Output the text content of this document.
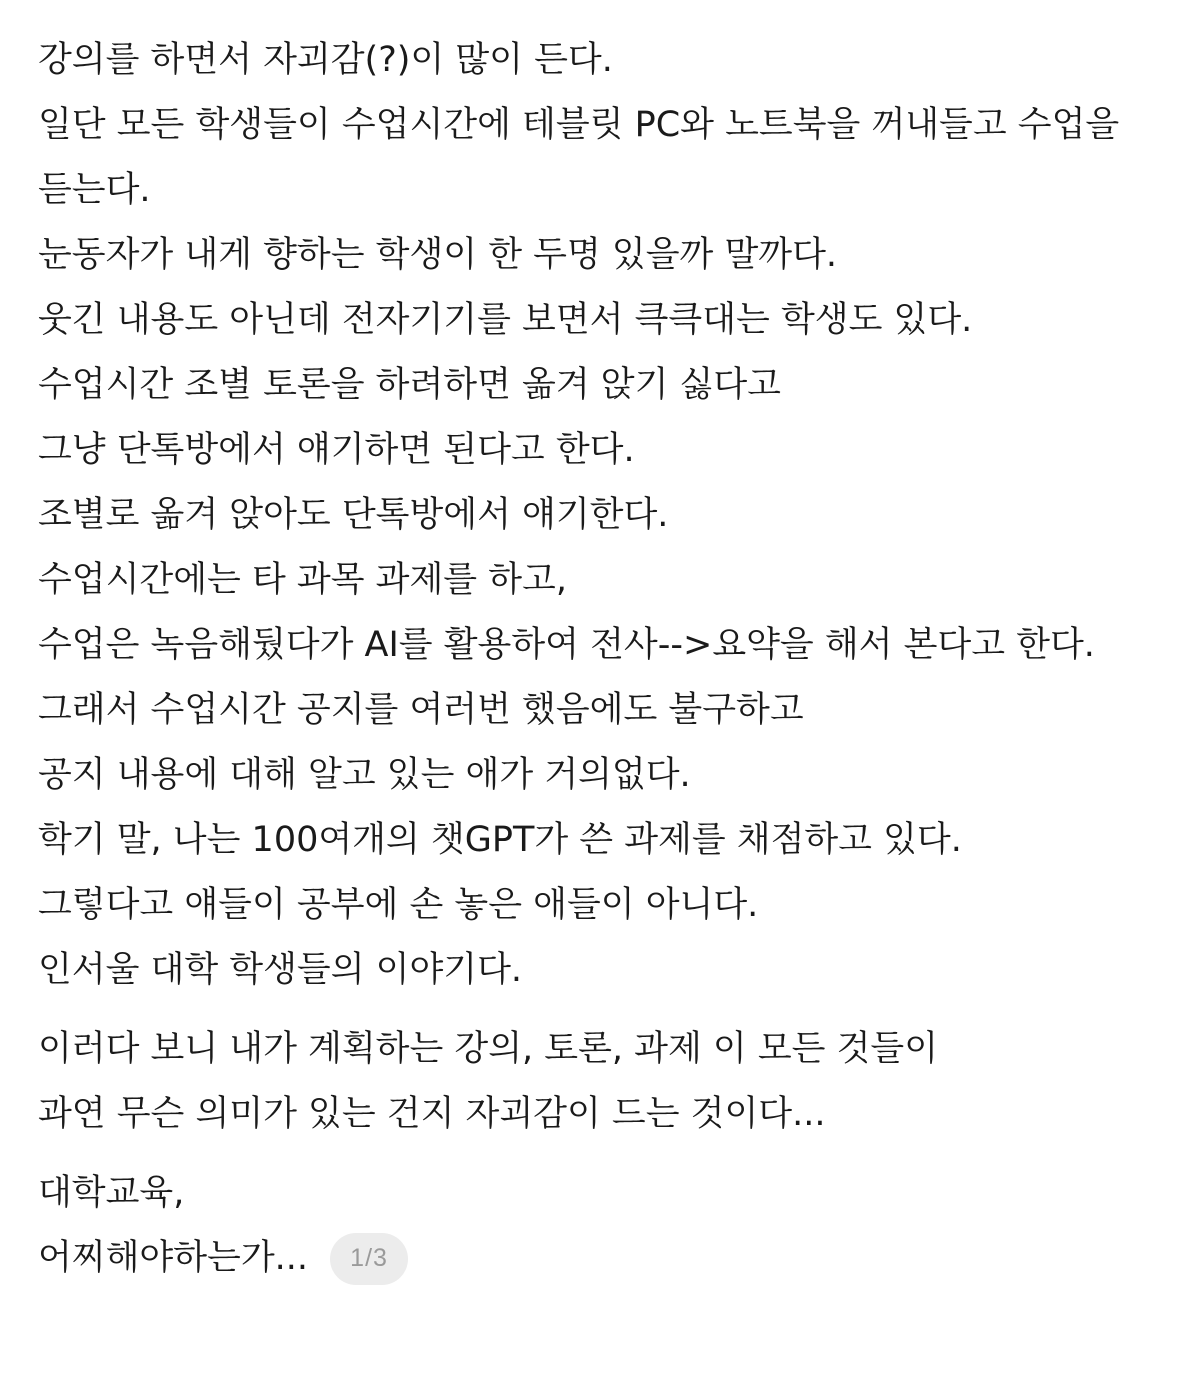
강의를 하면서 자괴감(?)이 많이 든다.

일단 모든 학생들이 수업시간에 테블릿 PC와 노트북을 꺼내들고 수업을 듣는다.

눈동자가 내게 향하는 학생이 한 두명 있을까 말까다.

웃긴 내용도 아닌데 전자기기를 보면서 큭큭대는 학생도 있다.

수업시간 조별 토론을 하려하면 옮겨 앉기 싫다고

그냥 단톡방에서 얘기하면 된다고 한다.

조별로 옮겨 앉아도 단톡방에서 얘기한다.

수업시간에는 타 과목 과제를 하고,

수업은 녹음해뒀다가 AI를 활용하여 전사-->요약을 해서 본다고 한다.

그래서 수업시간 공지를 여러번 했음에도 불구하고

공지 내용에 대해 알고 있는 애가 거의없다.

학기 말, 나는 100여개의 챗GPT가 쓴 과제를 채점하고 있다.

그렇다고 얘들이 공부에 손 놓은 애들이 아니다.

인서울 대학 학생들의 이야기다.

이러다 보니 내가 계획하는 강의, 토론, 과제 이 모든 것들이

과연 무슨 의미가 있는 건지 자괴감이 드는 것이다...

대학교육,

어찌해야하는가...	1/3
